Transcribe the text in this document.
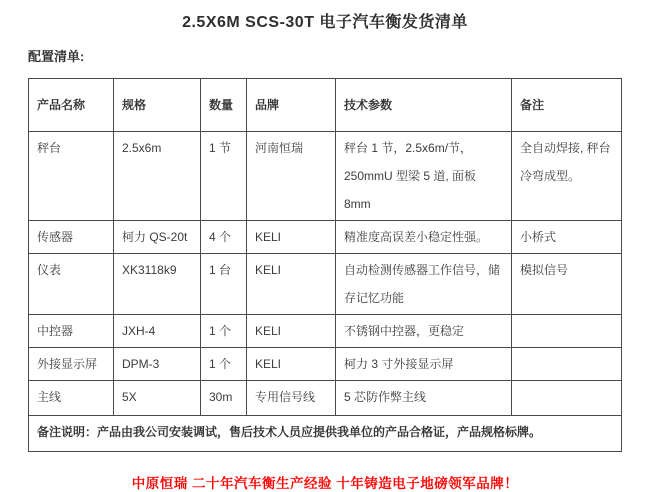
2.5X6M SCS-30T 电子汽车衡发货清单
配置清单:
产品名称	规格	数量	品牌	技术参数	备注
秤台	2.5x6m	1 节	河南恒瑞	秤台 1 节，2.5x6m/节，250mmU 型梁 5 道, 面板 8mm	全自动焊接, 秤台冷弯成型。
传感器	柯力 QS-20t	4 个	KELI	精准度高误差小稳定性强。	小桥式
仪表	XK3118k9	1 台	KELI	自动检测传感器工作信号，储存记忆功能	模拟信号
中控器	JXH-4	1 个	KELI	不锈钢中控器，更稳定	
外接显示屏	DPM-3	1 个	KELI	柯力 3 寸外接显示屏	
主线	5X	30m	专用信号线	5 芯防作弊主线	
备注说明：产品由我公司安装调试，售后技术人员应提供我单位的产品合格证，产品规格标牌。					
中原恒瑞 二十年汽车衡生产经验 十年铸造电子地磅领军品牌！
